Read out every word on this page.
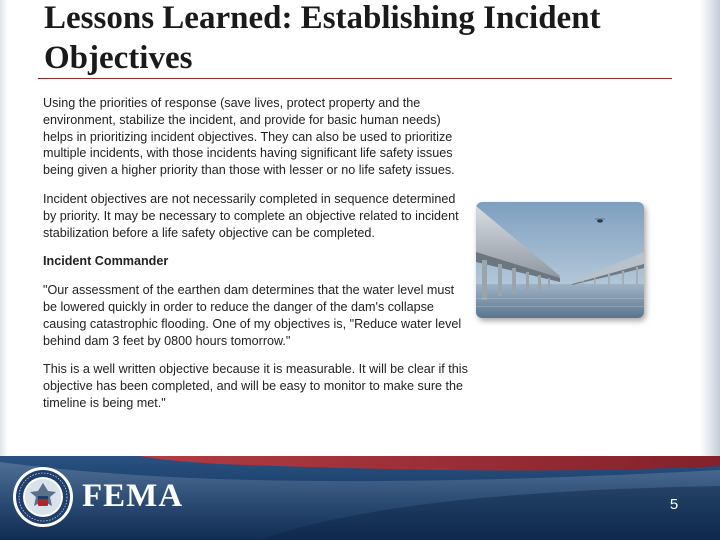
Lessons Learned: Establishing Incident Objectives

Using the priorities of response (save lives, protect property and the environment, stabilize the incident, and provide for basic human needs) helps in prioritizing incident objectives. They can also be used to prioritize multiple incidents, with those incidents having significant life safety issues being given a higher priority than those with lesser or no life safety issues.

Incident objectives are not necessarily completed in sequence determined by priority. It may be necessary to complete an objective related to incident stabilization before a life safety objective can be completed.

Incident Commander

"Our assessment of the earthen dam determines that the water level must be lowered quickly in order to reduce the danger of the dam's collapse causing catastrophic flooding. One of my objectives is, "Reduce water level behind dam 3 feet by 0800 hours tomorrow."

This is a well written objective because it is measurable. It will be clear if this objective has been completed, and will be easy to monitor to make sure the timeline is being met."

FEMA	5
